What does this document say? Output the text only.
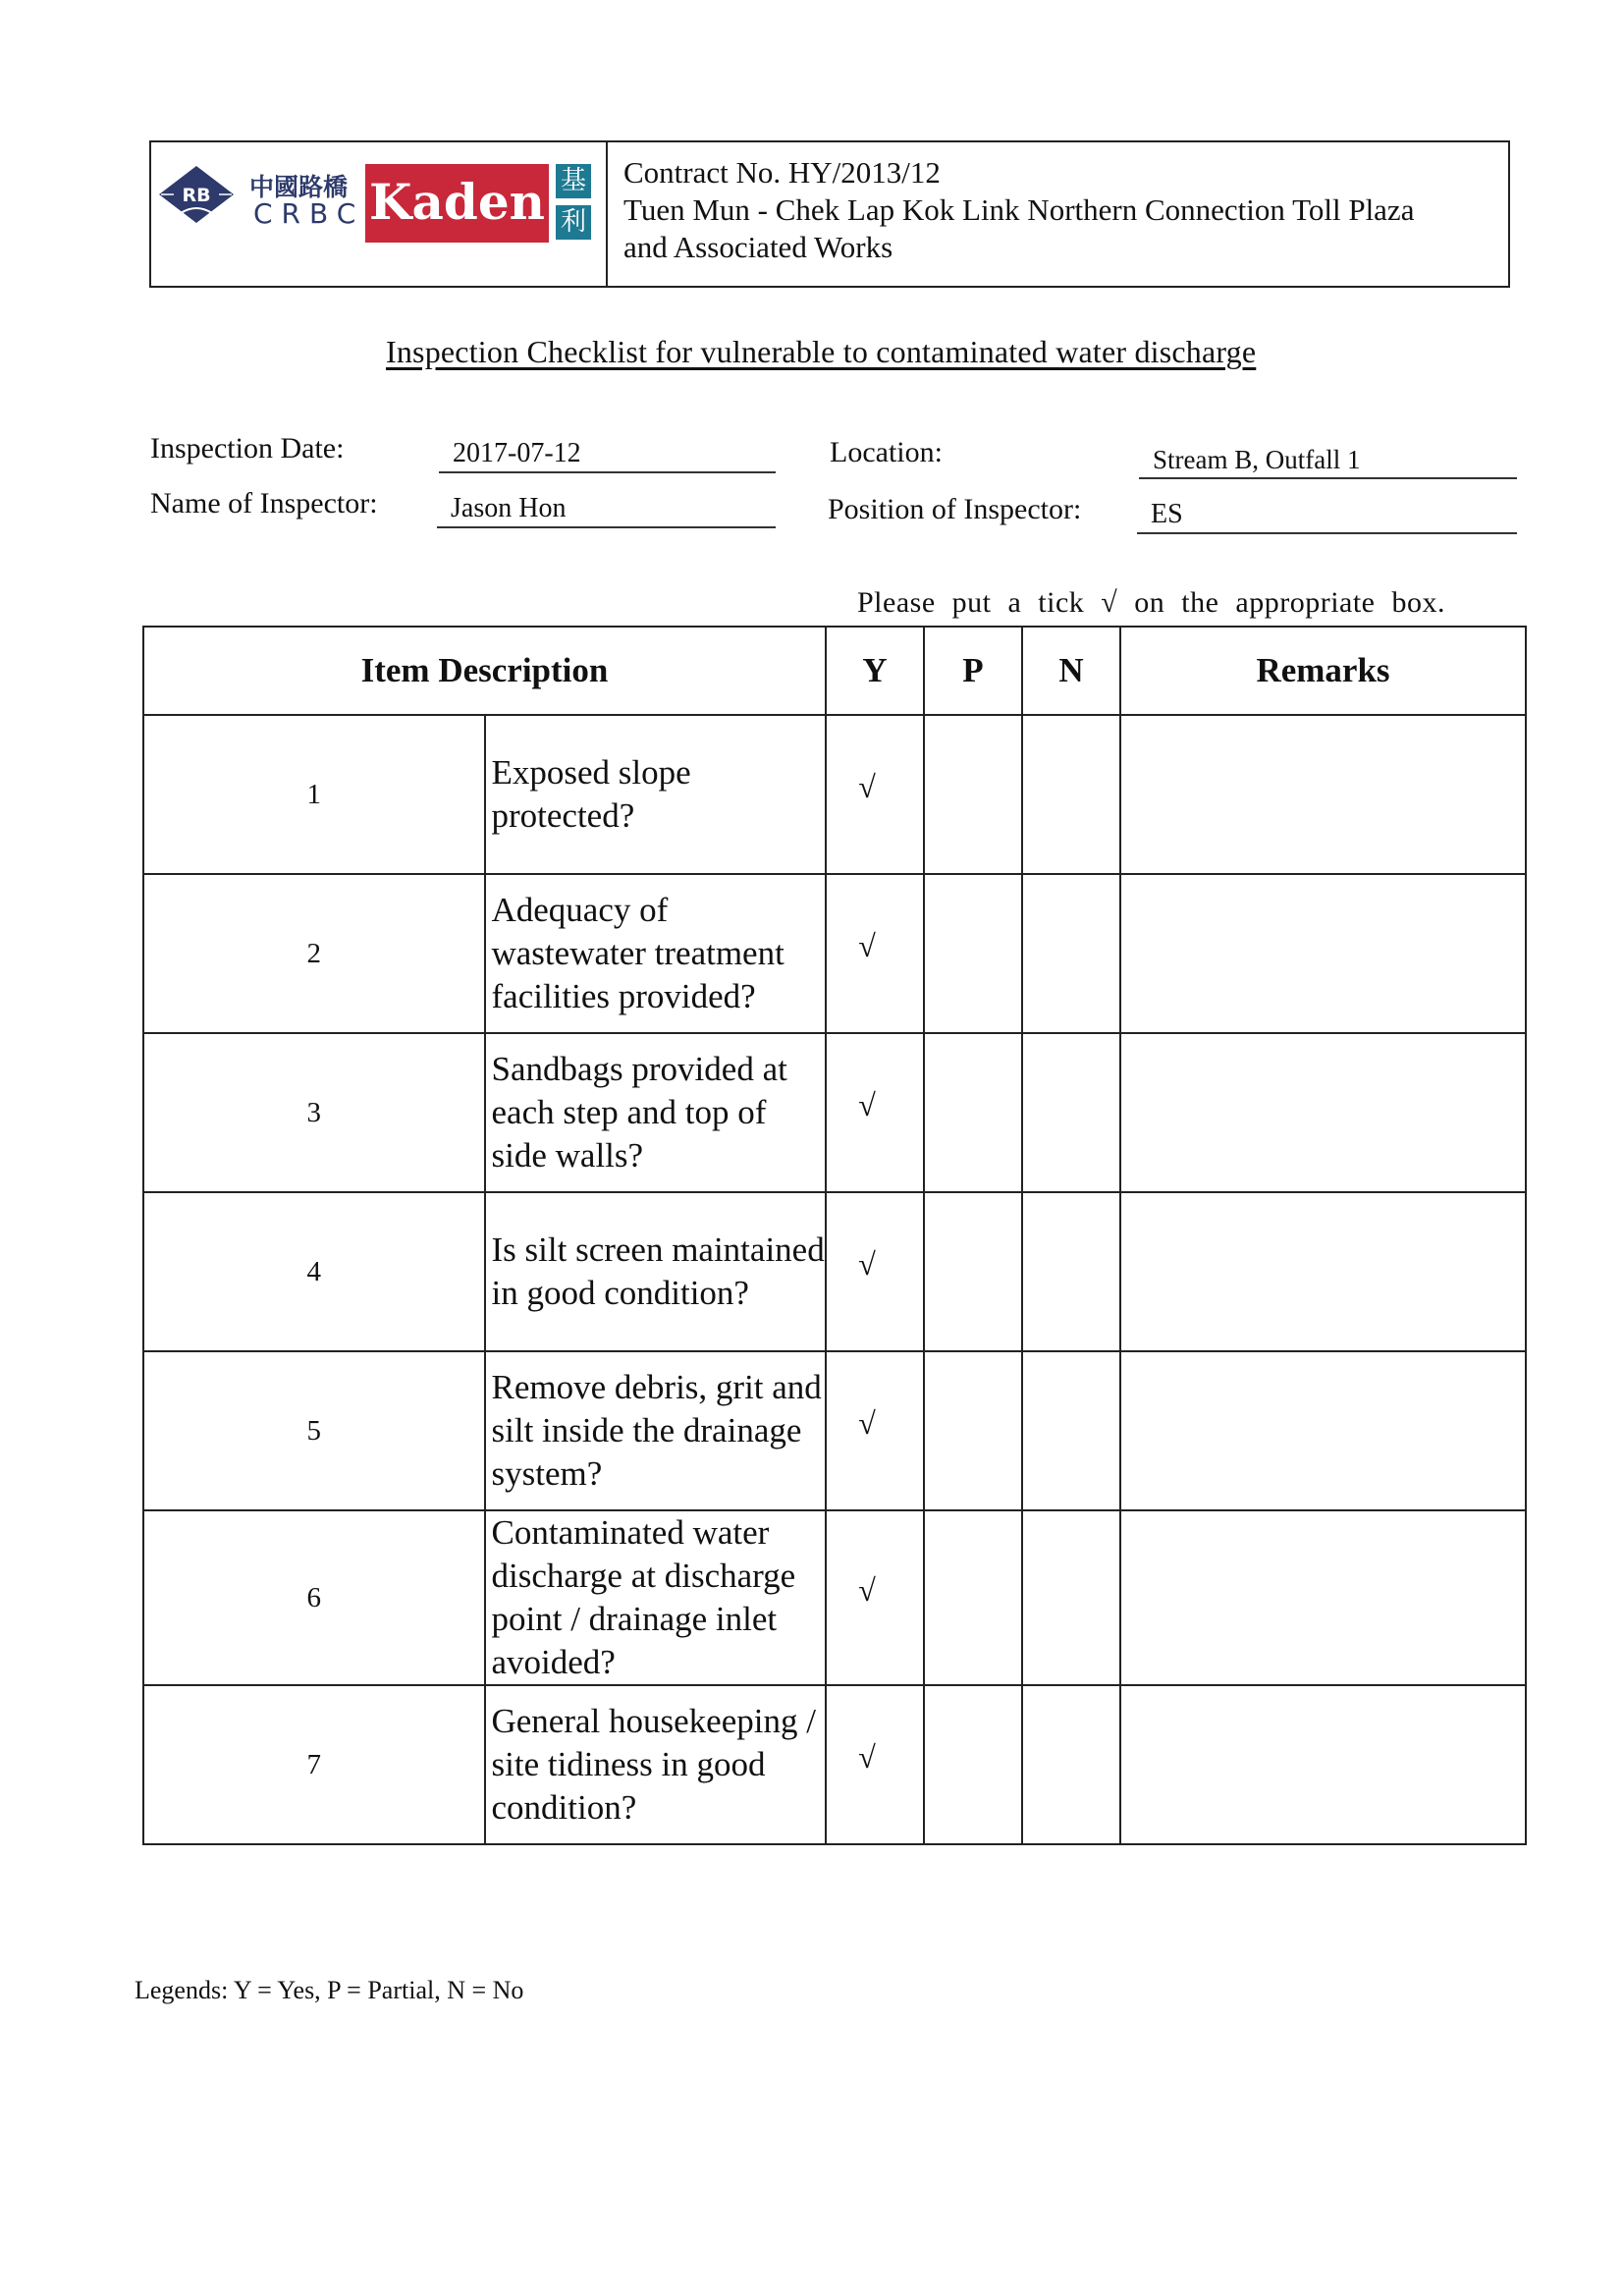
RB 中國路橋
CRBC Kaden 基
利
Contract No. HY/2013/12
Tuen Mun - Chek Lap Kok Link Northern Connection Toll Plaza
and Associated Works
Inspection Checklist for vulnerable to contaminated water discharge
Inspection Date:	2017-07-12
Name of Inspector:	Jason Hon
Location:	Stream B, Outfall 1
Position of Inspector:	ES
Please put a tick √ on the appropriate box.
Item Description		Y	P	N	Remarks
1	Exposed slope protected?	√			
2	Adequacy of wastewater treatment facilities provided?	√			
3	Sandbags provided at each step and top of side walls?	√			
4	Is silt screen maintained in good condition?	√			
5	Remove debris, grit and silt inside the drainage system?	√			
6	Contaminated water discharge at discharge point / drainage inlet avoided?	√			
7	General housekeeping / site tidiness in good condition?	√			
Legends: Y = Yes, P = Partial, N = No
